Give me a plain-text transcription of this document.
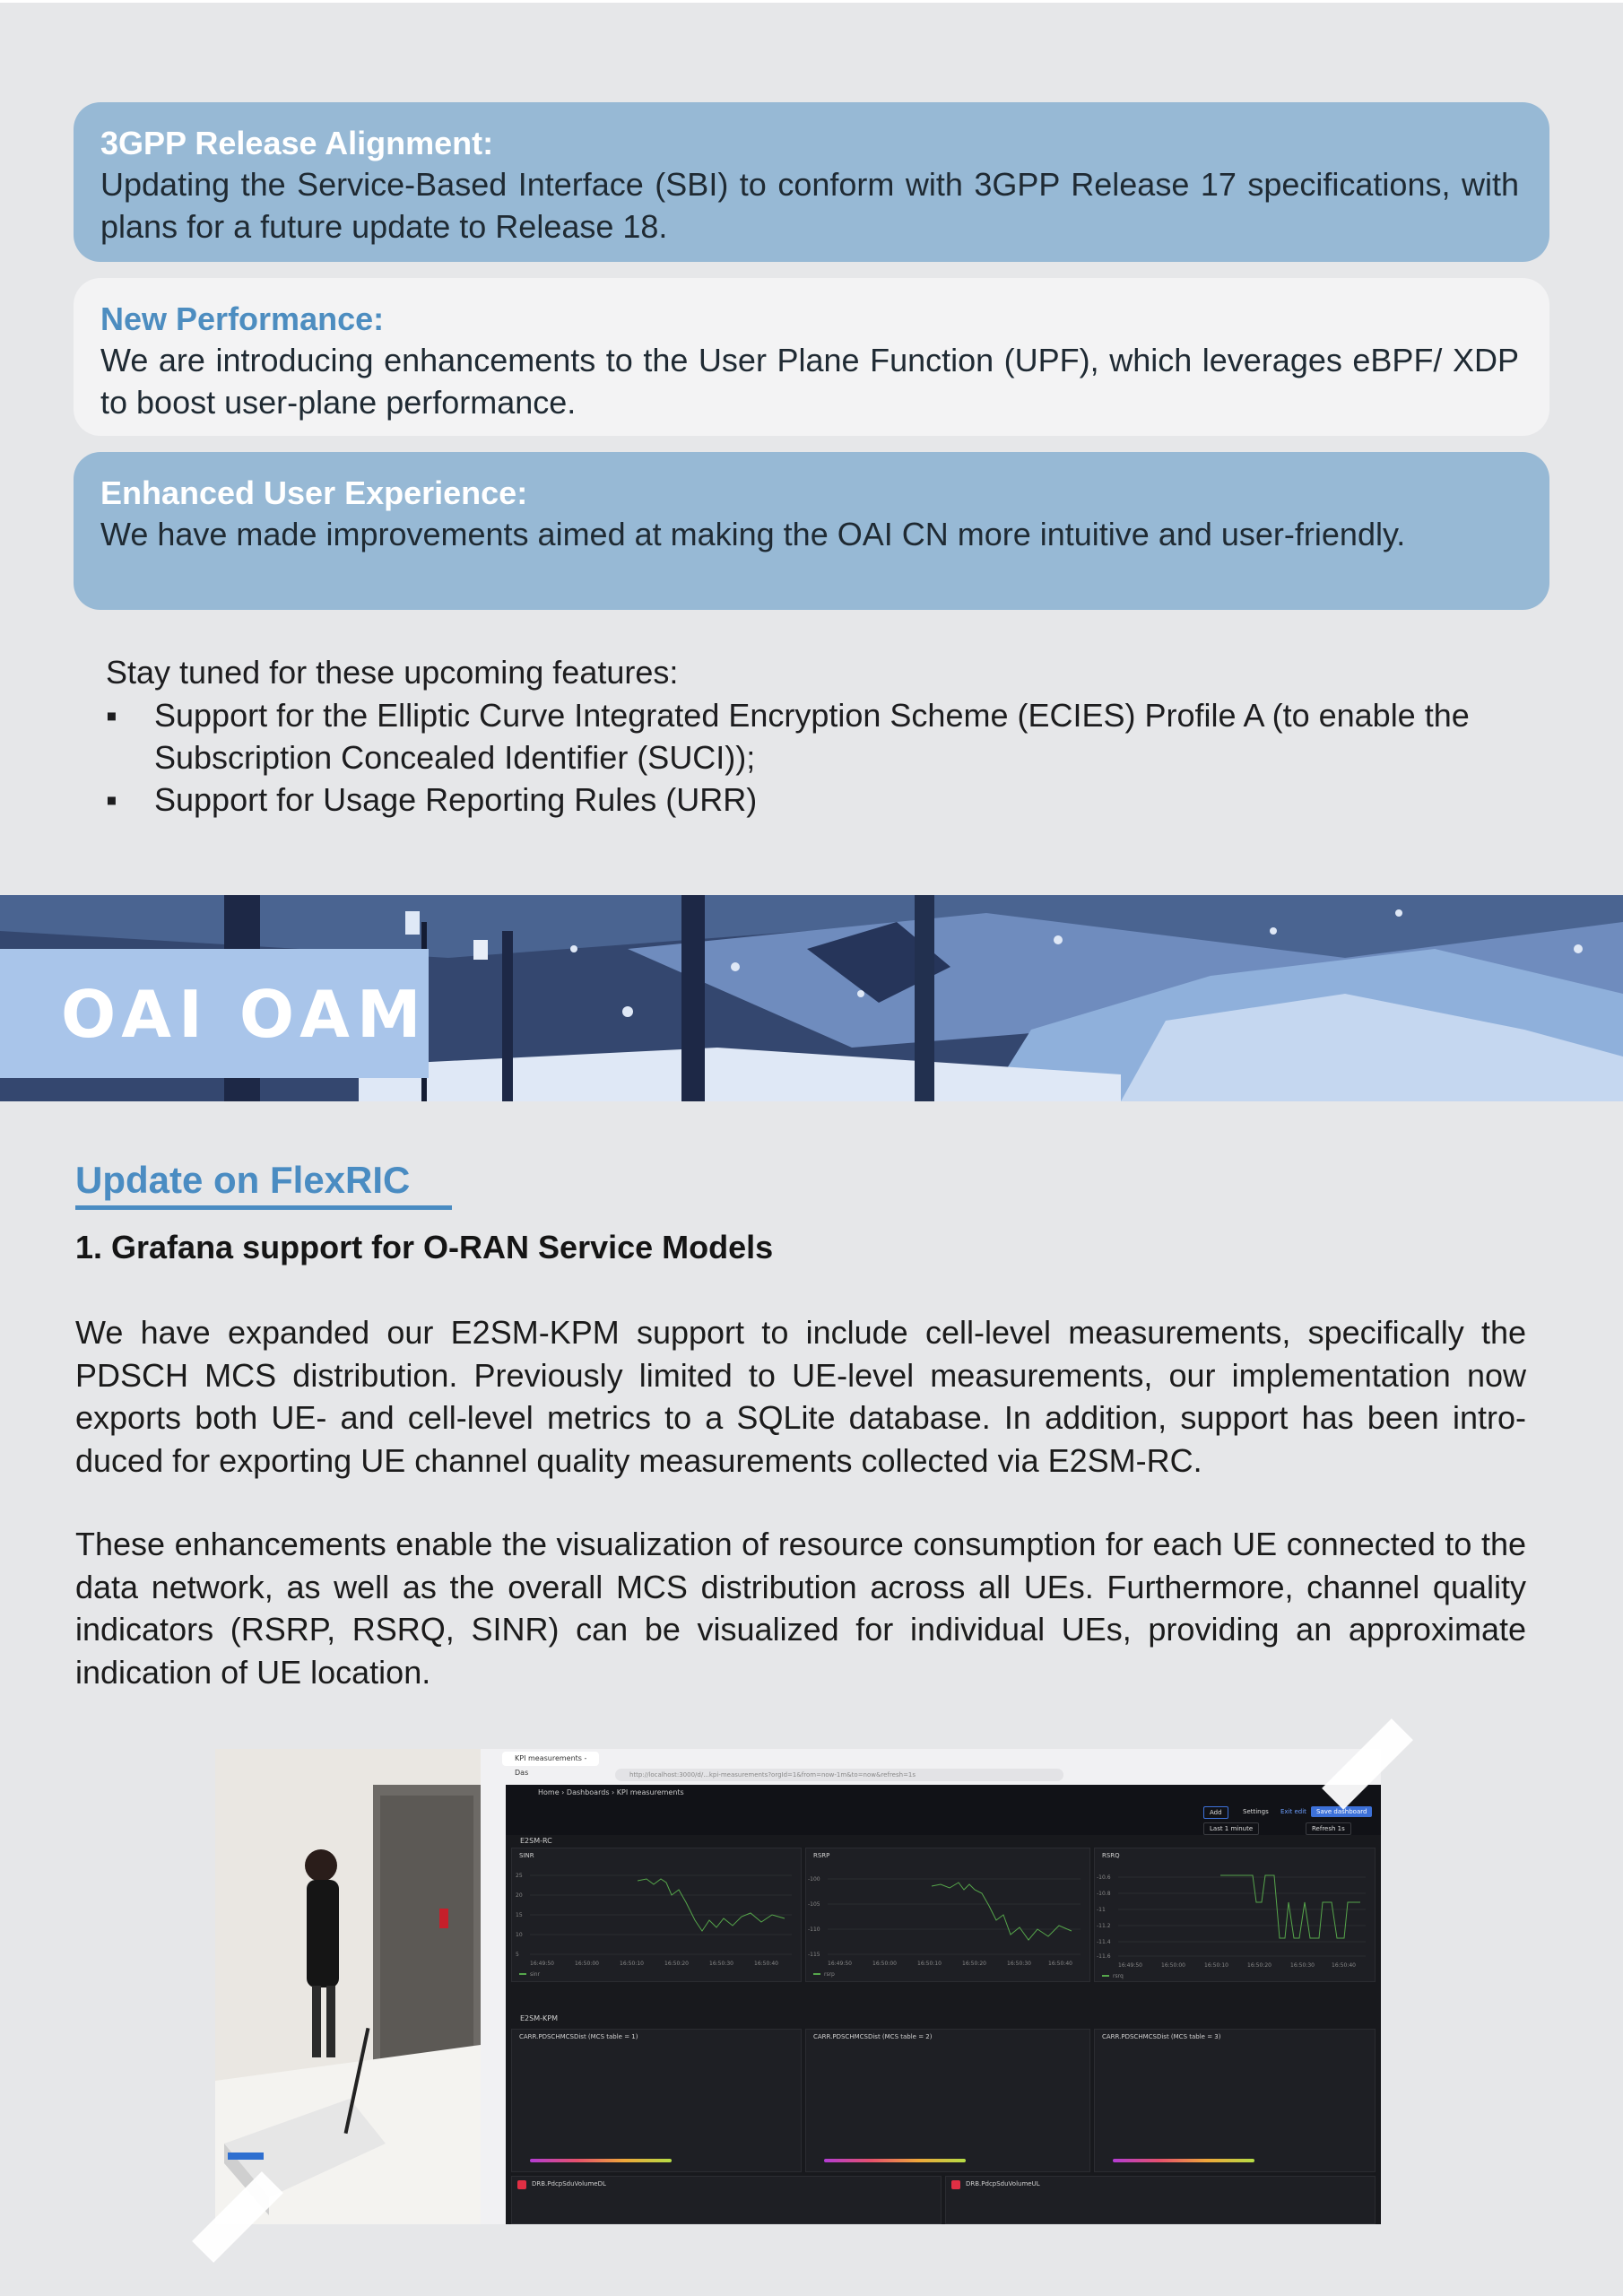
3GPP Release Alignment:
Updating the Service-Based Interface (SBI) to conform with 3GPP Release 17 specifications, with plans for a future update to Release 18.
New Performance:
We are introducing enhancements to the User Plane Function (UPF), which leverages eBPF/ XDP to boost user-plane performance.
Enhanced User Experience:
We have made improvements aimed at making the OAI CN more intuitive and user-friendly.
Stay tuned for these upcoming features:
▪ Support for the Elliptic Curve Integrated Encryption Scheme (ECIES) Profile A (to enable the Subscription Concealed Identifier (SUCI));
▪ Support for Usage Reporting Rules (URR)
OAI OAM
Update on FlexRIC
1. Grafana support for O-RAN Service Models
We have expanded our E2SM-KPM support to include cell-level measurements, specifically the PDSCH MCS distribution. Previously limited to UE-level measurements, our implementation now exports both UE- and cell-level metrics to a SQLite database. In addition, support has been introduced for exporting UE channel quality measurements collected via E2SM-RC.
These enhancements enable the visualization of resource consumption for each UE connected to the data network, as well as the overall MCS distribution across all UEs. Furthermore, channel quality indicators (RSRP, RSRQ, SINR) can be visualized for individual UEs, providing an approximate indication of UE location.
KPI measurements - Das	http://localhost:3000/d/...kpi-measurements?orgId=1&from=now-1m&to=now&refresh=1s
Home › Dashboards › KPI measurements
Add	Settings	Exit edit	Save dashboard
Last 1 minute	Refresh 1s
E2SM-RC
SINR
25
20
15
10
5
16:49:50	16:50:00	16:50:10	16:50:20	16:50:30	16:50:40
sinr
RSRP
-100
-105
-110
-115
16:49:50	16:50:00	16:50:10	16:50:20	16:50:30	16:50:40
rsrp
RSRQ
-10.6
-10.8
-11
-11.2
-11.4
-11.6
16:49:50	16:50:00	16:50:10	16:50:20	16:50:30	16:50:40
rsrq
E2SM-KPM
CARR.PDSCHMCSDist (MCS table = 1)	CARR.PDSCHMCSDist (MCS table = 2)	CARR.PDSCHMCSDist (MCS table = 3)
DRB.PdcpSduVolumeDL	DRB.PdcpSduVolumeUL
